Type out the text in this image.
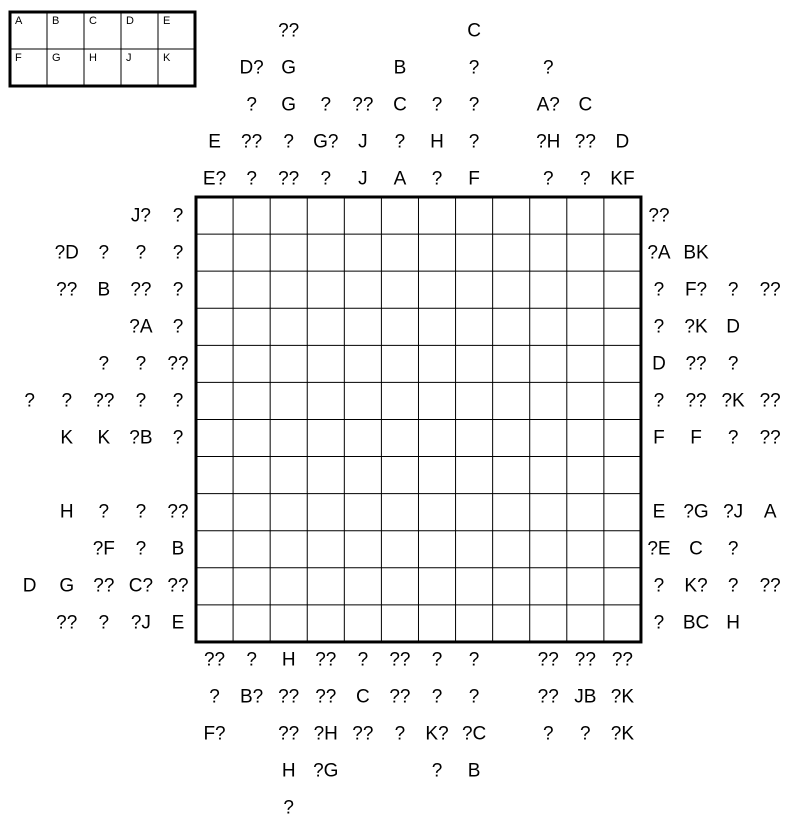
A	B	C	D	E
F	G	H	J	K
E? ? ?? ? J A ? F	? ? KF
E ?? ? G? J ? H ?	?H ?? D
? G ? ?? C ? ?	A? C
D? G	B	?	?
??	C
?? ? H ?? ? ?? ? ?	?? ?? ??
? B? ?? ?? C ?? ? ?	?? JB ?K
F?	?? ?H ?? ? K? ?C	? ? ?K
H ?G	? B
?
J? ?
?D ? ? ?
?? B ?? ?
?A ?
? ? ??
? ? ?? ? ?
K K ?B ?
H ? ? ??
?F ? B
D G ?? C? ??
?? ? ?J E
??
?A BK
? F? ? ??
? ?K D
D ?? ?
? ?? ?K ??
F F ? ??
E ?G ?J A
?E C ?
? K? ? ??
? BC H
